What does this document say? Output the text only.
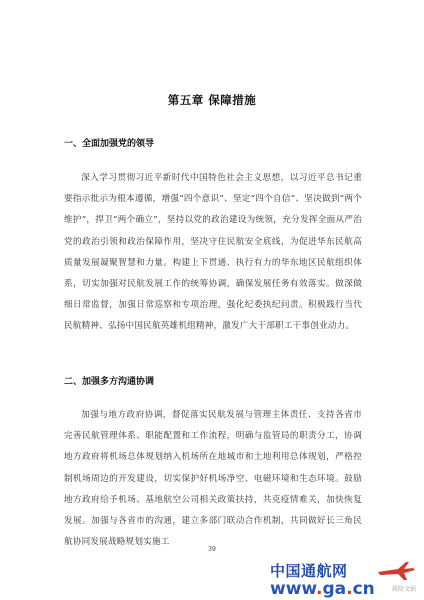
第五章 保障措施
一、全面加强党的领导

深入学习贯彻习近平新时代中国特色社会主义思想，以习近平总书记重要指示批示为根本遵循，增强“四个意识”、坚定“四个自信”、坚决做到“两个维护”，捍卫“两个确立”，坚持以党的政治建设为统领，充分发挥全面从严治党的政治引领和政治保障作用，坚决守住民航安全底线，为促进华东民航高质量发展凝聚智慧和力量。构建上下贯通、执行有力的华东地区民航组织体系，切实加强对民航发展工作的统筹协调，确保发展任务有效落实。做深做细日常监督，加强日常巡察和专项治理，强化纪委执纪问责。积极践行当代民航精神、弘扬中国民航英雄机组精神，激发广大干部职工干事创业动力。

二、加强多方沟通协调

加强与地方政府协调，督促落实民航发展与管理主体责任、支持各省市完善民航管理体系、职能配置和工作流程，明确与监管局的职责分工，协调地方政府将机场总体规划纳入机场所在地城市和土地利用总体规划，严格控制机场周边的开发建设，切实保护好机场净空、电磁环境和生态环境。鼓励地方政府给予机场、基地航空公司相关政策扶持，共克疫情难关，加快恢复发展。加强与各省市的沟通，建立多部门联动合作机制，共同做好长三角民航协同发展战略规划实施工

39
中国通航网
www.ga.cn	蒋阶文娟
